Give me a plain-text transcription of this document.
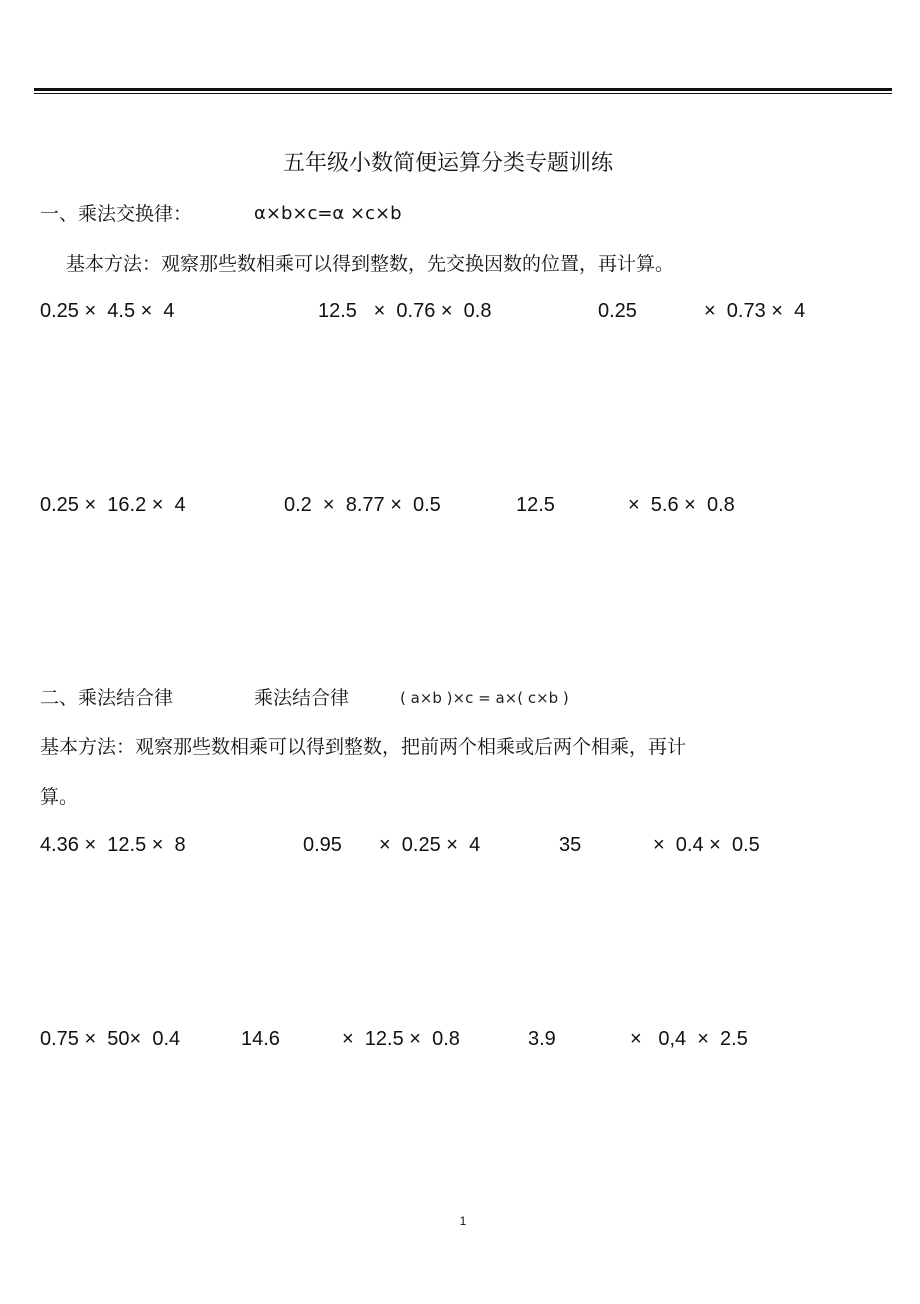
五年级小数简便运算分类专题训练
一、乘法交换律：	α×b×c=α ×c×b
基本方法：观察那些数相乘可以得到整数，先交换因数的位置，再计算。
0.25 ×  4.5 ×  4	12.5   ×  0.76 ×  0.8	0.25	×  0.73 ×  4
0.25 ×  16.2 ×  4	0.2  ×  8.77 ×  0.5	12.5	×  5.6 ×  0.8
二、乘法结合律	乘法结合律	( a×b )×c = a×( c×b )
基本方法：观察那些数相乘可以得到整数，把前两个相乘或后两个相乘，再计
算。
4.36 ×  12.5 ×  8	0.95 ×  0.25 ×  4	35	×  0.4 ×  0.5
0.75 ×  50×  0.4	14.6	×  12.5 ×  0.8	3.9	×   0,4  ×  2.5
1
